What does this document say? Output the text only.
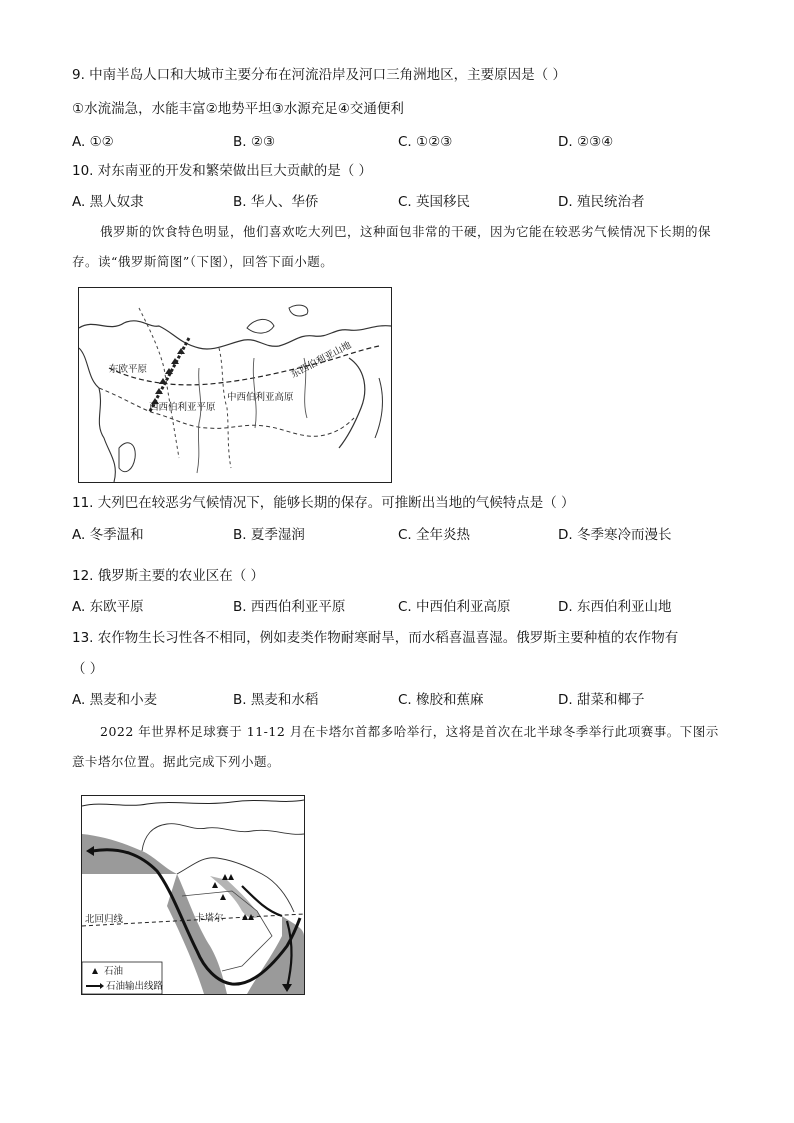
9. 中南半岛人口和大城市主要分布在河流沿岸及河口三角洲地区，主要原因是（ ）
①水流湍急，水能丰富②地势平坦③水源充足④交通便利
A. ①②	B. ②③	C. ①②③	D. ②③④
10. 对东南亚的开发和繁荣做出巨大贡献的是（ ）
A. 黑人奴隶	B. 华人、华侨	C. 英国移民	D. 殖民统治者
俄罗斯的饮食特色明显，他们喜欢吃大列巴，这种面包非常的干硬，因为它能在较恶劣气候情况下长期的保存。读“俄罗斯简图”（下图），回答下面小题。
东欧平原
西西伯利亚平原
中西伯利亚高原
东西伯利亚山地
11. 大列巴在较恶劣气候情况下，能够长期的保存。可推断出当地的气候特点是（ ）
A. 冬季温和	B. 夏季湿润	C. 全年炎热	D. 冬季寒冷而漫长
12. 俄罗斯主要的农业区在（ ）
A. 东欧平原	B. 西西伯利亚平原	C. 中西伯利亚高原	D. 东西伯利亚山地
13. 农作物生长习性各不相同，例如麦类作物耐寒耐旱，而水稻喜温喜湿。俄罗斯主要种植的农作物有
（ ）
A. 黑麦和小麦	B. 黑麦和水稻	C. 橡胶和蕉麻	D. 甜菜和椰子
2022 年世界杯足球赛于 11-12 月在卡塔尔首都多哈举行，这将是首次在北半球冬季举行此项赛事。下图示意卡塔尔位置。据此完成下列小题。
北回归线	卡塔尔
石油
石油输出线路
